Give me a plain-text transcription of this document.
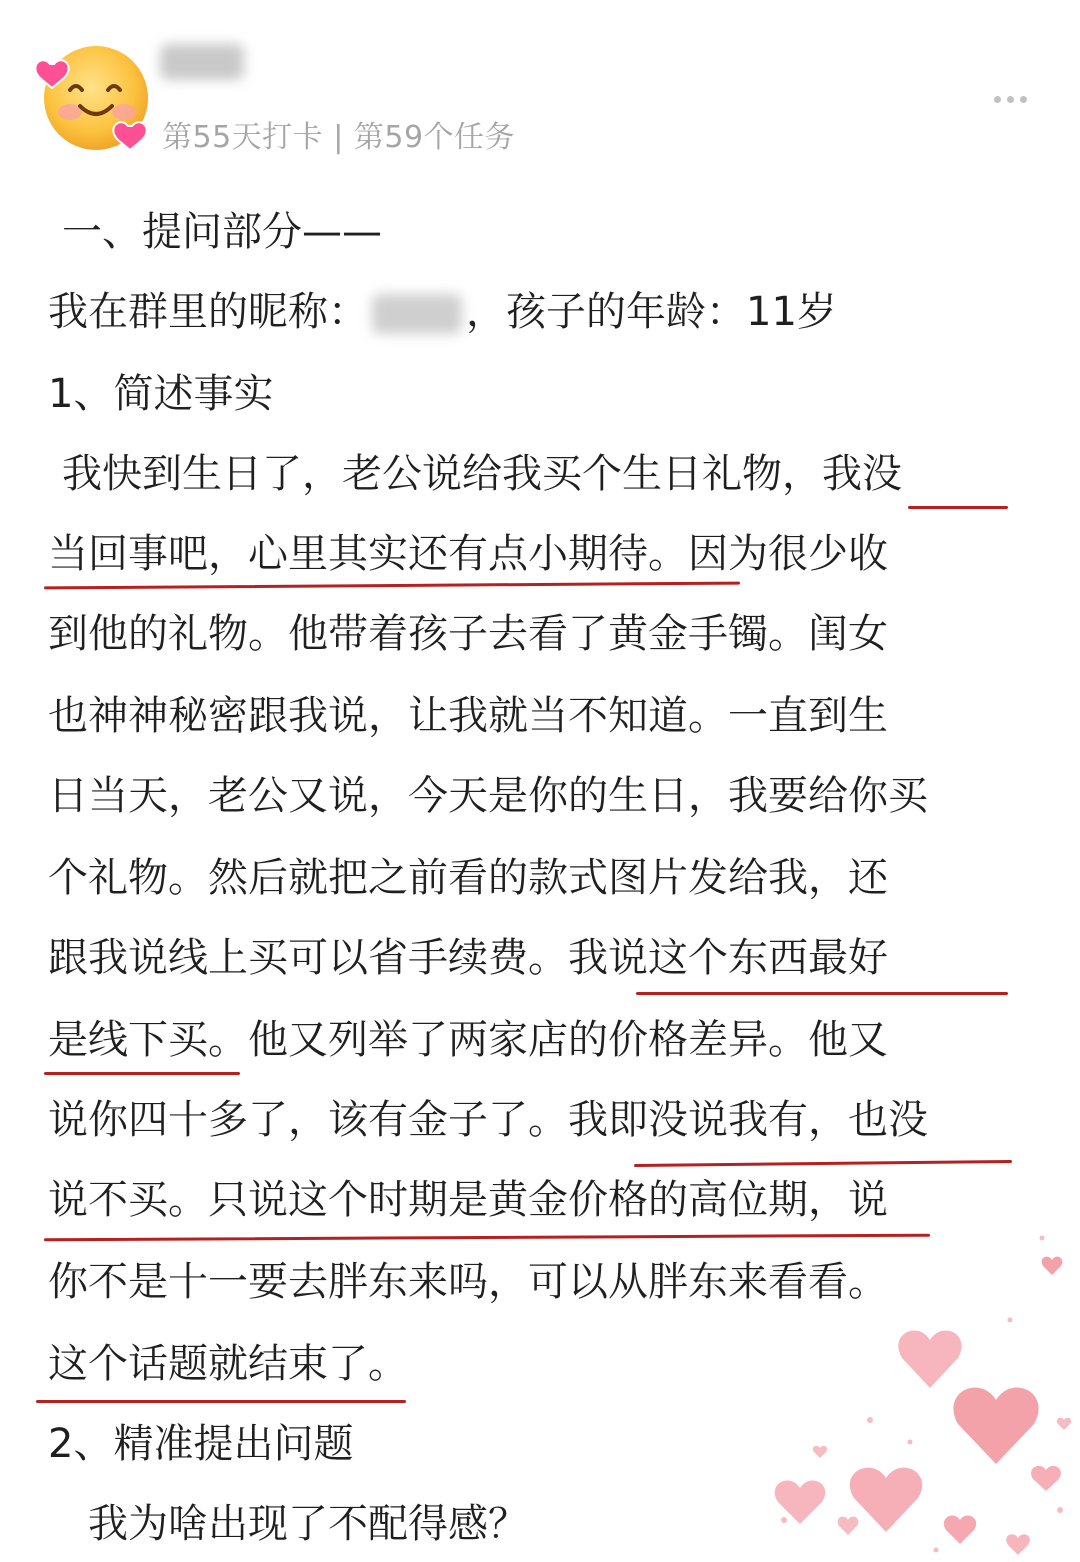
第55天打卡 | 第59个任务
一、提问部分——
我在群里的昵称： ，孩子的年龄：11岁
1、简述事实
我快到生日了，老公说给我买个生日礼物，我没
当回事吧，心里其实还有点小期待。因为很少收
到他的礼物。他带着孩子去看了黄金手镯。闺女
也神神秘密跟我说，让我就当不知道。一直到生
日当天，老公又说，今天是你的生日，我要给你买
个礼物。然后就把之前看的款式图片发给我，还
跟我说线上买可以省手续费。我说这个东西最好
是线下买。他又列举了两家店的价格差异。他又
说你四十多了，该有金子了。我即没说我有，也没
说不买。只说这个时期是黄金价格的高位期，说
你不是十一要去胖东来吗，可以从胖东来看看。
这个话题就结束了。
2、精准提出问题
我为啥出现了不配得感？
